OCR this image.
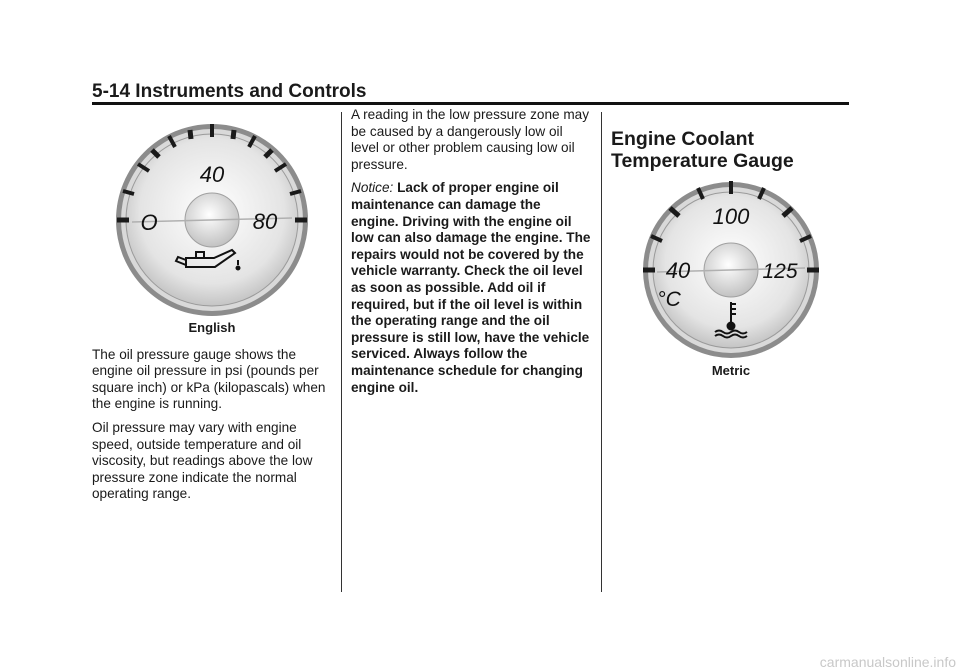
5-14 Instruments and Controls
40
O	80

English

The oil pressure gauge shows the engine oil pressure in psi (pounds per square inch) or kPa (kilopascals) when the engine is running.

Oil pressure may vary with engine speed, outside temperature and oil viscosity, but readings above the low pressure zone indicate the normal operating range.

A reading in the low pressure zone may be caused by a dangerously low oil level or other problem causing low oil pressure.

Notice: Lack of proper engine oil maintenance can damage the engine. Driving with the engine oil low can also damage the engine. The repairs would not be covered by the vehicle warranty. Check the oil level as soon as possible. Add oil if required, but if the oil level is within the operating range and the oil pressure is still low, have the vehicle serviced. Always follow the maintenance schedule for changing engine oil.

Engine Coolant Temperature Gauge
100
40	125
°C

Metric

carmanualsonline.info
